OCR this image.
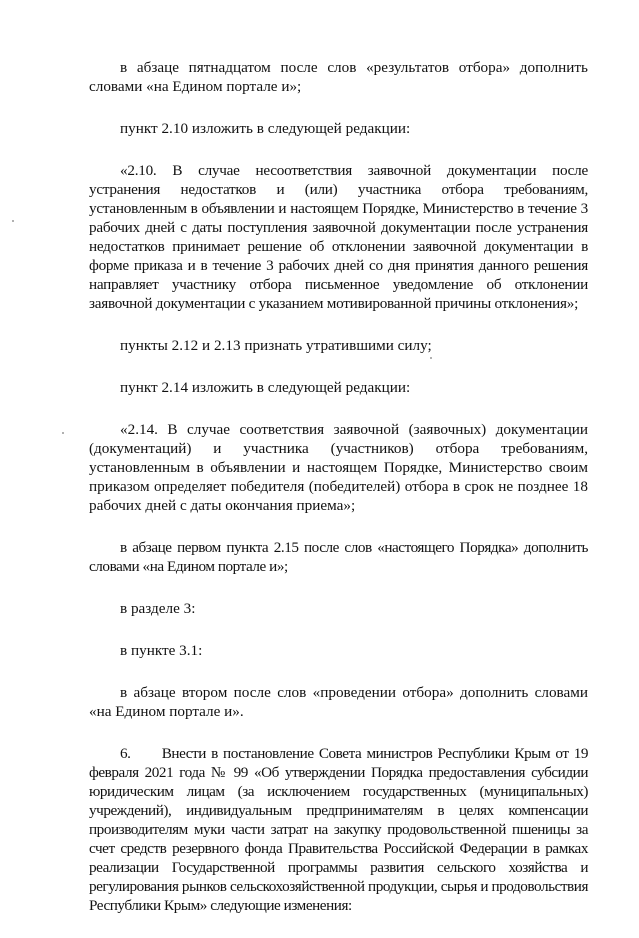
в абзаце пятнадцатом после слов «результатов отбора» дополнить словами «на Едином портале и»;

пункт 2.10 изложить в следующей редакции:

«2.10. В случае несоответствия заявочной документации после устранения недостатков и (или) участника отбора требованиям, установленным в объявлении и настоящем Порядке, Министерство в течение 3 рабочих дней с даты поступления заявочной документации после устранения недостатков принимает решение об отклонении заявочной документации в форме приказа и в течение 3 рабочих дней со дня принятия данного решения направляет участнику отбора письменное уведомление об отклонении заявочной документации с указанием мотивированной причины отклонения»;

пункты 2.12 и 2.13 признать утратившими силу;

пункт 2.14 изложить в следующей редакции:

«2.14. В случае соответствия заявочной (заявочных) документации (документаций) и участника (участников) отбора требованиям, установленным в объявлении и настоящем Порядке, Министерство своим приказом определяет победителя (победителей) отбора в срок не позднее 18 рабочих дней с даты окончания приема»;

в абзаце первом пункта 2.15 после слов «настоящего Порядка» дополнить словами «на Едином портале и»;

в разделе 3:

в пункте 3.1:

в абзаце втором после слов «проведении отбора» дополнить словами «на Едином портале и».

6.      Внести в постановление Совета министров Республики Крым от 19 февраля 2021 года № 99 «Об утверждении Порядка предоставления субсидии юридическим лицам (за исключением государственных (муниципальных) учреждений), индивидуальным предпринимателям в целях компенсации производителям муки части затрат на закупку продовольственной пшеницы за счет средств резервного фонда Правительства Российской Федерации в рамках реализации Государственной программы развития сельского хозяйства и регулирования рынков сельскохозяйственной продукции, сырья и продовольствия Республики Крым» следующие изменения:
